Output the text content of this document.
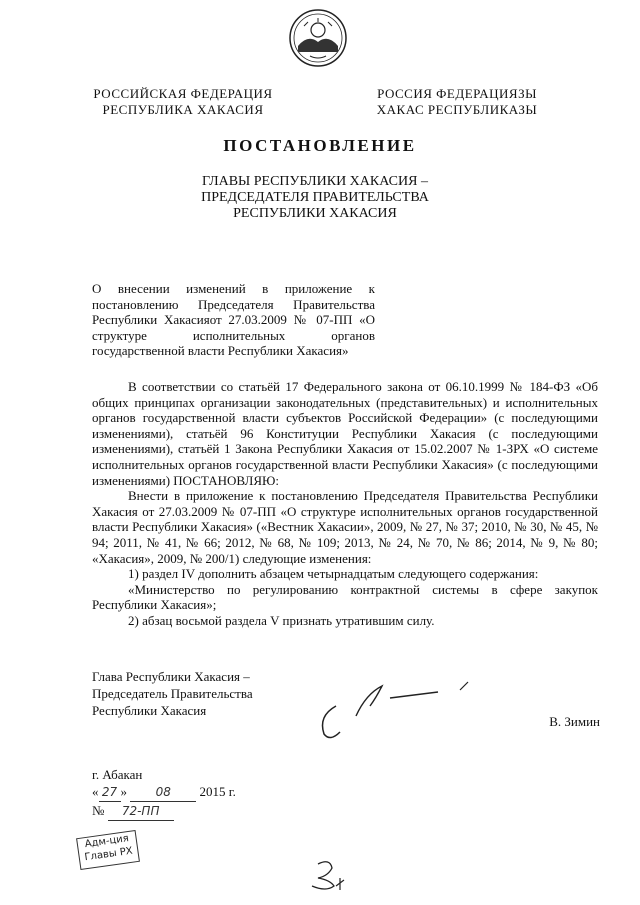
РОССИЙСКАЯ ФЕДЕРАЦИЯ
РЕСПУБЛИКА ХАКАСИЯ
РОССИЯ ФЕДЕРАЦИЯЗЫ
ХАКАС РЕСПУБЛИКАЗЫ
ПОСТАНОВЛЕНИЕ
ГЛАВЫ РЕСПУБЛИКИ ХАКАСИЯ –
ПРЕДСЕДАТЕЛЯ ПРАВИТЕЛЬСТВА
РЕСПУБЛИКИ ХАКАСИЯ
О внесении изменений в приложение к постановлению Председателя Правительства Республики Хакасияот 27.03.2009 № 07-ПП «О структуре исполнительных органов государственной власти Республики Хакасия»

В соответствии со статьёй 17 Федерального закона от 06.10.1999 № 184-ФЗ «Об общих принципах организации законодательных (представительных) и исполнительных органов государственной власти субъектов Российской Федерации» (с последующими изменениями), статьёй 96 Конституции Республики Хакасия (с последующими изменениями), статьёй 1 Закона Республики Хакасия от 15.02.2007 № 1-ЗРХ «О системе исполнительных органов государственной власти Республики Хакасия» (с последующими изменениями) ПОСТАНОВЛЯЮ:

Внести в приложение к постановлению Председателя Правительства Республики Хакасия от 27.03.2009 № 07-ПП «О структуре исполнительных органов государственной власти Республики Хакасия» («Вестник Хакасии», 2009, № 27, № 37; 2010, № 30, № 45, № 94; 2011, № 41, № 66; 2012, № 68, № 109; 2013, № 24, № 70, № 86; 2014, № 9, № 80; «Хакасия», 2009, № 200/1) следующие изменения:

1) раздел IV дополнить абзацем четырнадцатым следующего содержания:

«Министерство по регулированию контрактной системы в сфере закупок Республики Хакасия»;

2) абзац восьмой раздела V признать утратившим силу.

Глава Республики Хакасия –
Председатель Правительства
Республики Хакасия
В. Зимин
г. Абакан
« 27 » 08 2015 г.
№ 72-ПП
Адм-ция
Главы РХ
